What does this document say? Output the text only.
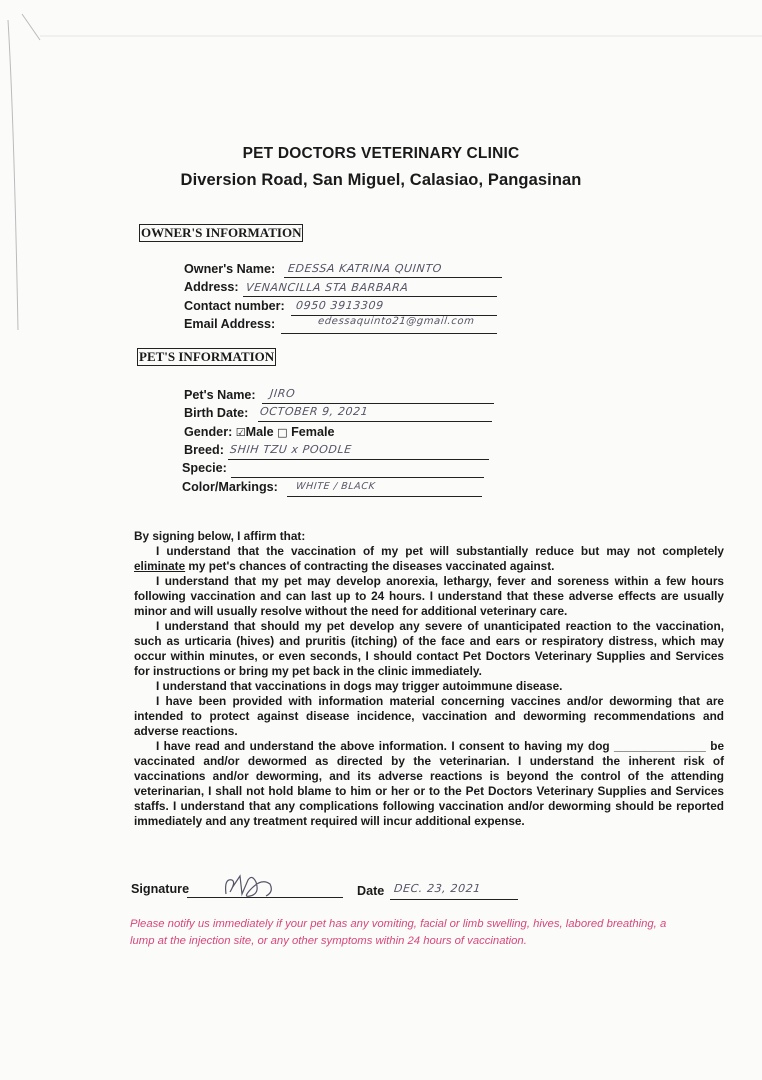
PET DOCTORS VETERINARY CLINIC
Diversion Road, San Miguel, Calasiao, Pangasinan
OWNER'S INFORMATION
Owner's Name: EDESSA KATRINA QUINTO
Address: VENANCILLA STA BARBARA
Contact number: 0950 3913309
Email Address:	edessaquinto21@gmail.com
PET'S INFORMATION
Pet's Name: JIRO
Birth Date: OCTOBER 9, 2021
Gender: ☑Male □ Female
Breed: SHIH TZU x POODLE
Specie:
Color/Markings: WHITE / BLACK

By signing below, I affirm that:

I understand that the vaccination of my pet will substantially reduce but may not completely eliminate my pet's chances of contracting the diseases vaccinated against.

I understand that my pet may develop anorexia, lethargy, fever and soreness within a few hours following vaccination and can last up to 24 hours. I understand that these adverse effects are usually minor and will usually resolve without the need for additional veterinary care.

I understand that should my pet develop any severe of unanticipated reaction to the vaccination, such as urticaria (hives) and pruritis (itching) of the face and ears or respiratory distress, which may occur within minutes, or even seconds, I should contact Pet Doctors Veterinary Supplies and Services for instructions or bring my pet back in the clinic immediately.

I understand that vaccinations in dogs may trigger autoimmune disease.

I have been provided with information material concerning vaccines and/or deworming that are intended to protect against disease incidence, vaccination and deworming recommendations and adverse reactions.

I have read and understand the above information. I consent to having my dog ______________ be vaccinated and/or dewormed as directed by the veterinarian. I understand the inherent risk of vaccinations and/or deworming, and its adverse reactions is beyond the control of the attending veterinarian, I shall not hold blame to him or her or to the Pet Doctors Veterinary Supplies and Services staffs. I understand that any complications following vaccination and/or deworming should be reported immediately and any treatment required will incur additional expense.

Signature	Date DEC. 23, 2021
Please notify us immediately if your pet has any vomiting, facial or limb swelling, hives, labored breathing, a lump at the injection site, or any other symptoms within 24 hours of vaccination.
